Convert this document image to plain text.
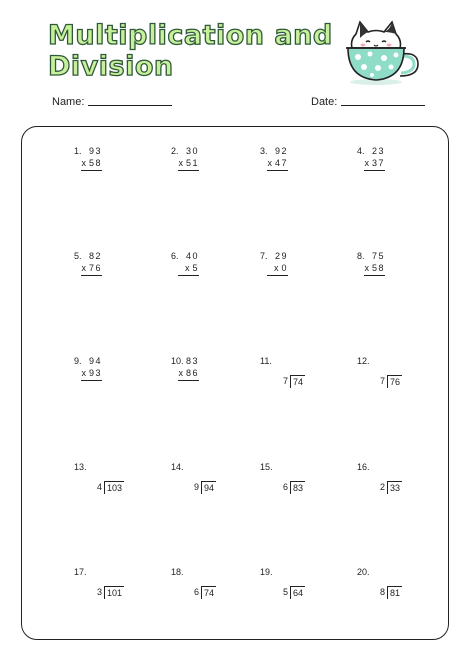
Multiplication and
Division
Name:	Date:
1. 93
x 58
2. 30
x 51
3. 92
x 47
4. 23
x 37
5. 82
x 76
6. 40
x 5
7. 29
x 0
8. 75
x 58
9. 94
x 93
10. 83
x 86
11.
7 74
12.
7 76
13.
4 103
14.
9 94
15.
6 83
16.
2 33
17.
3 101
18.
6 74
19.
5 64
20.
8 81
